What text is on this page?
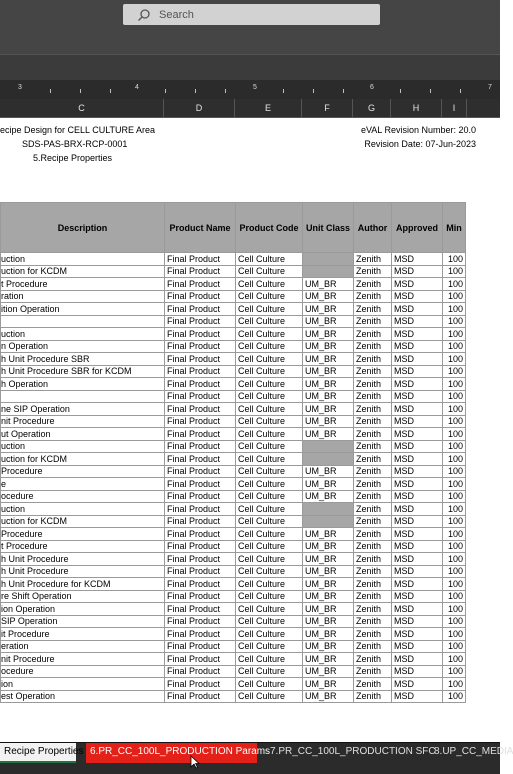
Search
3	4	5	6	7
C	D	E	F	G	H	I
ecipe Design for CELL CULTURE Area
SDS-PAS-BRX-RCP-0001
5.Recipe Properties
eVAL Revision Number: 20.0
Revision Date: 07-Jun-2023
Description	Product Name	Product Code	Unit Class	Author	Approved	Min
uction	Final Product	Cell Culture		Zenith	MSD	100
uction for KCDM	Final Product	Cell Culture		Zenith	MSD	100
t Procedure	Final Product	Cell Culture	UM_BR	Zenith	MSD	100
ration	Final Product	Cell Culture	UM_BR	Zenith	MSD	100
ition Operation	Final Product	Cell Culture	UM_BR	Zenith	MSD	100
	Final Product	Cell Culture	UM_BR	Zenith	MSD	100
uction	Final Product	Cell Culture	UM_BR	Zenith	MSD	100
n Operation	Final Product	Cell Culture	UM_BR	Zenith	MSD	100
h Unit Procedure SBR	Final Product	Cell Culture	UM_BR	Zenith	MSD	100
h Unit Procedure SBR for KCDM	Final Product	Cell Culture	UM_BR	Zenith	MSD	100
h Operation	Final Product	Cell Culture	UM_BR	Zenith	MSD	100
	Final Product	Cell Culture	UM_BR	Zenith	MSD	100
ne SIP Operation	Final Product	Cell Culture	UM_BR	Zenith	MSD	100
nit Procedure	Final Product	Cell Culture	UM_BR	Zenith	MSD	100
ut Operation	Final Product	Cell Culture	UM_BR	Zenith	MSD	100
uction	Final Product	Cell Culture		Zenith	MSD	100
uction for KCDM	Final Product	Cell Culture		Zenith	MSD	100
Procedure	Final Product	Cell Culture	UM_BR	Zenith	MSD	100
e	Final Product	Cell Culture	UM_BR	Zenith	MSD	100
ocedure	Final Product	Cell Culture	UM_BR	Zenith	MSD	100
uction	Final Product	Cell Culture		Zenith	MSD	100
uction for KCDM	Final Product	Cell Culture		Zenith	MSD	100
Procedure	Final Product	Cell Culture	UM_BR	Zenith	MSD	100
t Procedure	Final Product	Cell Culture	UM_BR	Zenith	MSD	100
h Unit Procedure	Final Product	Cell Culture	UM_BR	Zenith	MSD	100
h Unit Procedure	Final Product	Cell Culture	UM_BR	Zenith	MSD	100
h Unit Procedure for KCDM	Final Product	Cell Culture	UM_BR	Zenith	MSD	100
re Shift Operation	Final Product	Cell Culture	UM_BR	Zenith	MSD	100
ion Operation	Final Product	Cell Culture	UM_BR	Zenith	MSD	100
SIP Operation	Final Product	Cell Culture	UM_BR	Zenith	MSD	100
it Procedure	Final Product	Cell Culture	UM_BR	Zenith	MSD	100
eration	Final Product	Cell Culture	UM_BR	Zenith	MSD	100
nit Procedure	Final Product	Cell Culture	UM_BR	Zenith	MSD	100
ocedure	Final Product	Cell Culture	UM_BR	Zenith	MSD	100
ion	Final Product	Cell Culture	UM_BR	Zenith	MSD	100
est Operation	Final Product	Cell Culture	UM_BR	Zenith	MSD	100
Recipe Properties 6.PR_CC_100L_PRODUCTION Params 7.PR_CC_100L_PRODUCTION SFC
8.UP_CC_MEDIA
